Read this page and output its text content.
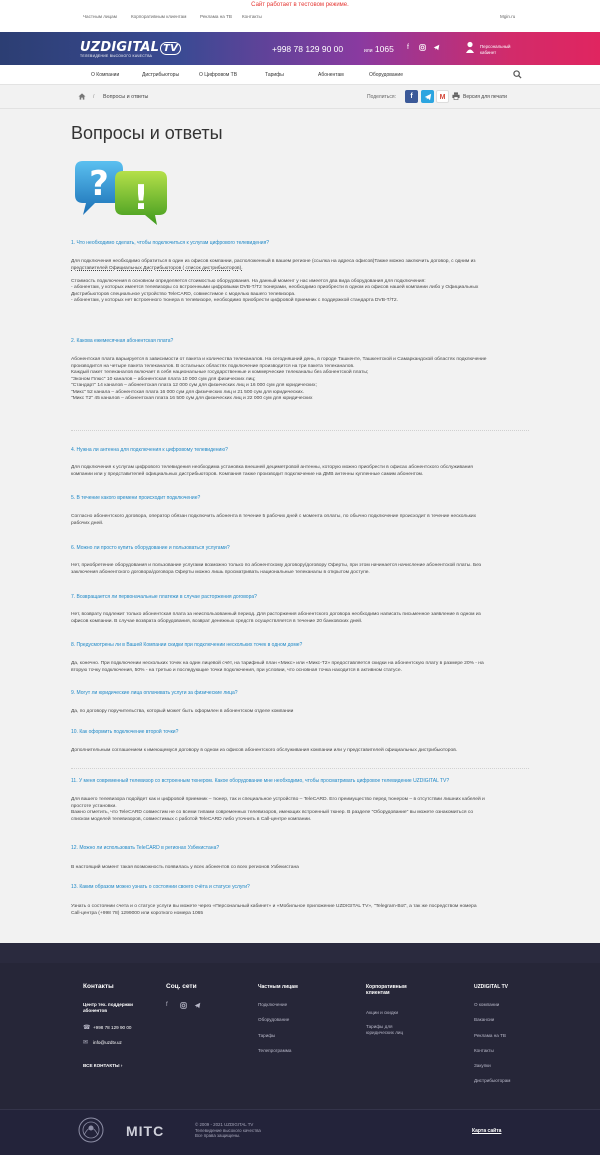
Сайт работает в тестовом режиме.
Частным лицам	Корпоративным клиентам	Реклама на ТВ Контакты	Mgin.ru
UZDIGITAL TV
ТЕЛЕВИДЕНИЕ ВЫСОКОГО КАЧЕСТВА
+998 78 129 90 00	или 1065	f	Персональный
кабинет
О Компании	Дистрибьюторы	О Цифровом ТВ	Тарифы	Абонентам	Оборудование
/ Вопросы и ответы	Поделиться:	f	M	Версия для печати
Вопросы и ответы
? !
1. Что необходимо сделать, чтобы подключиться к услугам цифрового телевидения?
Для подключения необходимо обратиться в один из офисов компании, расположенный в вашем регионе (ссылка на адреса офисов)Также можно заключить договор, с одним из
представителей Официальных Дистрибьюторов ( список дистрибьюторов).
Стоимость подключения в основном определяется стоимостью оборудования. На данный момент у нас имеется два вида оборудования для подключения:
- абонентам, у которых имеется телевизоры со встроенными цифровыми DVB-T/T2 тюнерами, необходимо приобрести в одном из офисов нашей компании либо у Официальных
Дистрибьюторов специальное устройство TeleCARD, совместимое с моделью вашего телевизора.
- абонентам, у которых нет встроенного тюнера в телевизоре, необходимо приобрести цифровой приемник с поддержкой стандарта DVB-T/T2.
2. Какова ежемесячная абонентская плата?
Абонентская плата варьируется в зависимости от пакета и количества телеканалов. На сегодняшний день, в городе Ташкенте, Ташкентской и Самаркандской областях подключение
производится на четыре пакета телеканалов. В остальных областях подключение производится на три пакета телеканалов.
Каждый пакет телеканалов включает в себя национальные государственные и коммерческие телеканалы без абонентской платы;
"Эконом Плюс" 10 каналов – абонентская плата 10 000 сум для физических лиц;
"Стандарт" 14 каналов – абонентская плата 12 000 сум для физических лиц и 16 000 сум для юридических;
"Микс" 52 канала – абонентская плата 16 000 сум для физических лиц и 21 500 сум для юридических.
"Микс T2" 45 каналов – абонентская плата 16 500 сум для физических лиц и 22 000 сум для юридических
4. Нужна ли антенна для подключения к цифровому телевидению?
Для подключения к услугам цифрового телевидения необходима установка внешней дециметровой антенны, которую можно приобрести в офисах абонентского обслуживания
компании или у представителей официальных дистрибьюторов. Компания также производит подключение на ДМВ антенны купленные самим абонентом.
5. В течение какого времени происходит подключение?
Согласно абонентского договора, оператор обязан подключить абонента в течение 5 рабочих дней с момента оплаты, по обычно подключение происходит в течение нескольких
рабочих дней.
6. Можно ли просто купить оборудование и пользоваться услугами?
Нет, приобретение оборудования и пользование услугами возможно только по абонентскому договору/договору Оферты, при этом начинается начисление абонентской платы. Без
заключения абонентского договора/договора Оферты можно лишь просматривать национальные телеканалы в открытом доступе.
7. Возвращается ли первоначальные платежи в случае расторжения договора?
Нет, возврату подлежит только абонентская плата за неиспользованный период. Для расторжения абонентского договора необходимо написать письменное заявление в одном из
офисов компании. В случае возврата оборудования, возврат денежных средств осуществляется в течение 20 банковских дней.
8. Предусмотрены ли в Вашей Компании скидки при подключении нескольких точек в одном доме?
Да, конечно. При подключении нескольких точек на один лицевой счёт, на тарифный план «Микс» или «Микс-T2» предоставляется скидки на абонентскую плату в размере 20% - на
вторую точку подключения, 50% - на третью и последующие точки подключения, при условии, что основная точка находится в активном статусе.
9. Могут ли юридические лица оплачивать услуги за физические лица?
Да, по договору поручительства, который может быть оформлен в абонентском отделе компании
10. Как оформить подключение второй точки?
Дополнительным соглашением к имеющемуся договору в одном из офисов абонентского обслуживания компании или у представителей официальных дистрибьюторов.
11. У меня современный телевизор со встроенным тюнером. Какое оборудование мне необходимо, чтобы просматривать цифровое телевидение UZDIGITAL TV?
Для вашего телевизора подойдет как и цифровой приемник – тюнер, так и специальное устройство – TeleCARD. Его преимущество перед тюнером – в отсутствии лишних кабелей и
простоте установки.
Важно отметить, что TeleCARD совместим не со всеми типами современных телевизоров, имеющих встроенный тюнер. В разделе "Оборудование" вы можете ознакомиться со
списком моделей телевизоров, совместимых с работой TeleCARD либо уточнить в Call-центре компании.
12. Можно ли использовать TeleCARD в регионах Узбекистана?
В настоящий момент такая возможность появилась у всех абонентов со всех регионов Узбекистана
13. Каким образом можно узнать о состоянии своего счёта и статусе услуги?
Узнать о состоянии счета и о статусе услуги вы можете через «Персональный кабинет» и «Мобильное приложение UZDIGITAL TV», "Telegram-Bot", а так же посредством номера
Call-центра (+998 78) 1299000 или короткого номера 1065
Контакты
Центр тех. поддержки абонентов
☎ +998 78 129 90 00
✉	info@uzdtv.uz
ВСЕ КОНТАКТЫ ›
Соц. сети
f
Частным лицам
Подключение
Оборудование
Тарифы
Телепрограмма
Корпоративным клиентам
Акции и скидки
Тарифы для юридических лиц
UZDIGITAL TV
О компании
Вакансии
Реклама на ТВ
Контакты
Закупки
Дистрибьюторам
MITC	© 2009 - 2021 UZDIGITAL TV
Телевидение высокого качества
Все права защищены.
Карта сайта
